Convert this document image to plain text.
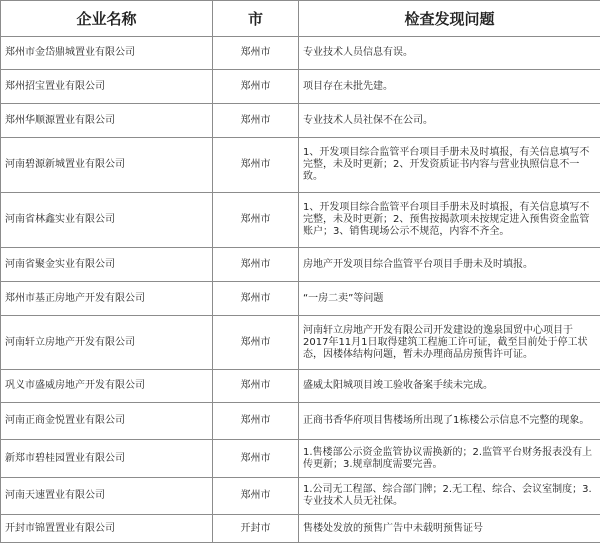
企业名称	市	检查发现问题
郑州市金岱鼎城置业有限公司	郑州市	专业技术人员信息有误。
郑州招宝置业有限公司	郑州市	项目存在未批先建。
郑州华顺源置业有限公司	郑州市	专业技术人员社保不在公司。
河南碧源新城置业有限公司	郑州市	1、开发项目综合监管平台项目手册未及时填报，有关信息填写不完整，未及时更新；2、开发资质证书内容与营业执照信息不一致。
河南省林鑫实业有限公司	郑州市	1、开发项目综合监管平台项目手册未及时填报，有关信息填写不完整，未及时更新；2、预售按揭款项未按规定进入预售资金监管账户；3、销售现场公示不规范，内容不齐全。
河南省聚金实业有限公司	郑州市	房地产开发项目综合监管平台项目手册未及时填报。
郑州市基正房地产开发有限公司	郑州市	“一房二卖”等问题
河南轩立房地产开发有限公司	郑州市	河南轩立房地产开发有限公司开发建设的逸泉国贸中心项目于2017年11月1日取得建筑工程施工许可证，截至目前处于停工状态，因楼体结构问题，暂未办理商品房预售许可证。
巩义市盛威房地产开发有限公司	郑州市	盛威太阳城项目竣工验收备案手续未完成。
河南正商金悦置业有限公司	郑州市	正商书香华府项目售楼场所出现了1栋楼公示信息不完整的现象。
新郑市碧桂园置业有限公司	郑州市	1.售楼部公示资金监管协议需换新的；2.监管平台财务报表没有上传更新；3.规章制度需要完善。
河南天速置业有限公司	郑州市	1.公司无工程部、综合部门牌；2.无工程、综合、会议室制度；3.专业技术人员无社保。
开封市锦置置业有限公司	开封市	售楼处发放的预售广告中未载明预售证号
